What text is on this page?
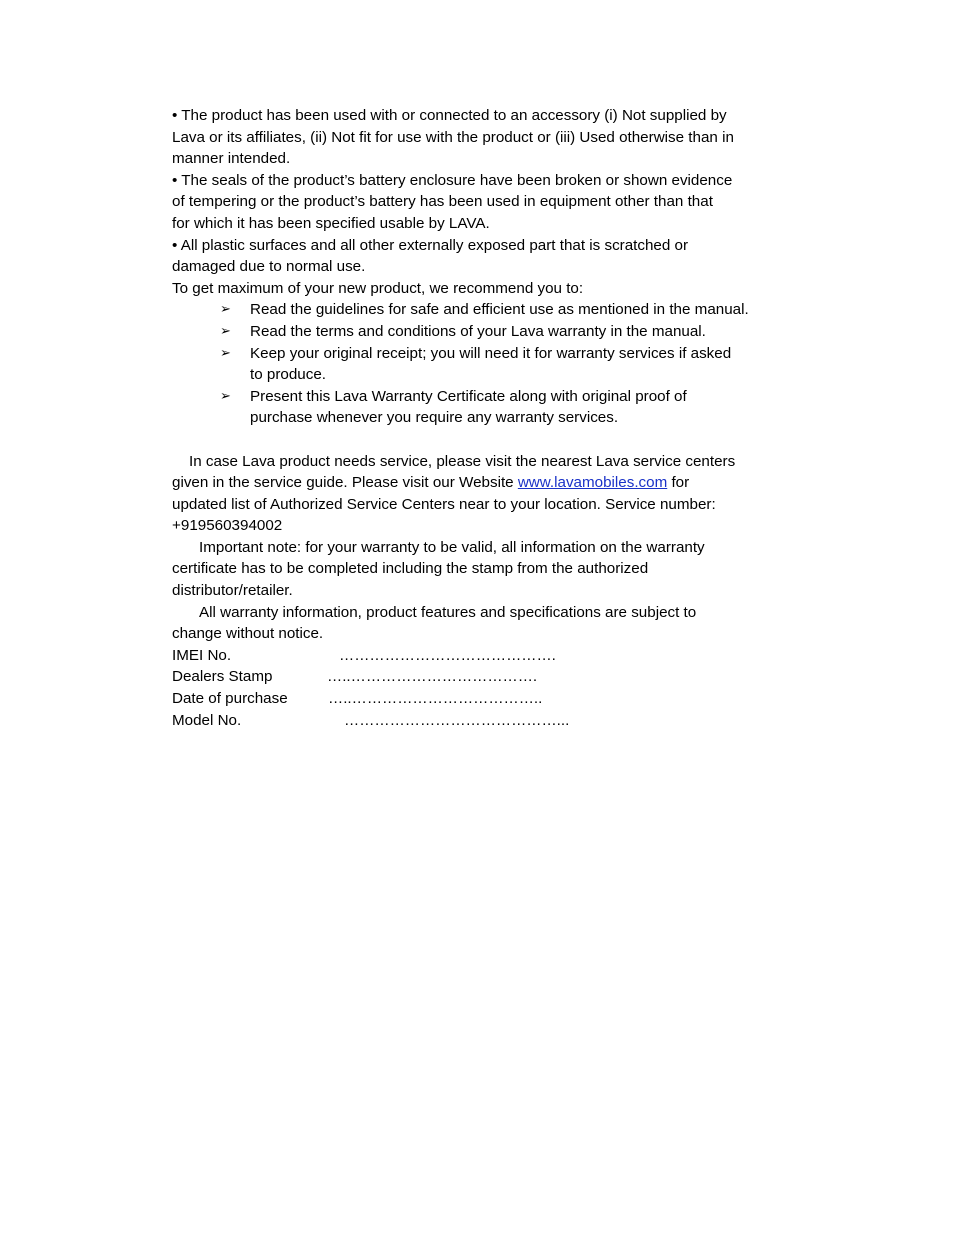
• The product has been used with or connected to an accessory (i) Not supplied by
Lava or its affiliates, (ii) Not fit for use with the product or (iii) Used otherwise than in
manner intended.
• The seals of the product’s battery enclosure have been broken or shown evidence
of tempering or the product’s battery has been used in equipment other than that
for which it has been specified usable by LAVA.
• All plastic surfaces and all other externally exposed part that is scratched or
damaged due to normal use.
To get maximum of your new product, we recommend you to:
➢ Read the guidelines for safe and efficient use as mentioned in the manual.
➢ Read the terms and conditions of your Lava warranty in the manual.
➢ Keep your original receipt; you will need it for warranty services if asked
to produce.
➢ Present this Lava Warranty Certificate along with original proof of
purchase whenever you require any warranty services.
In case Lava product needs service, please visit the nearest Lava service centers
given in the service guide. Please visit our Website www.lavamobiles.com for
updated list of Authorized Service Centers near to your location. Service number:
+919560394002
Important note: for your warranty to be valid, all information on the warranty
certificate has to be completed including the stamp from the authorized
distributor/retailer.
All warranty information, product features and specifications are subject to
change without notice.
IMEI No.	…………………………………….
Dealers Stamp	…..……………………………….
Date of purchase	…..………………………………..
Model No.	……………………………………...
